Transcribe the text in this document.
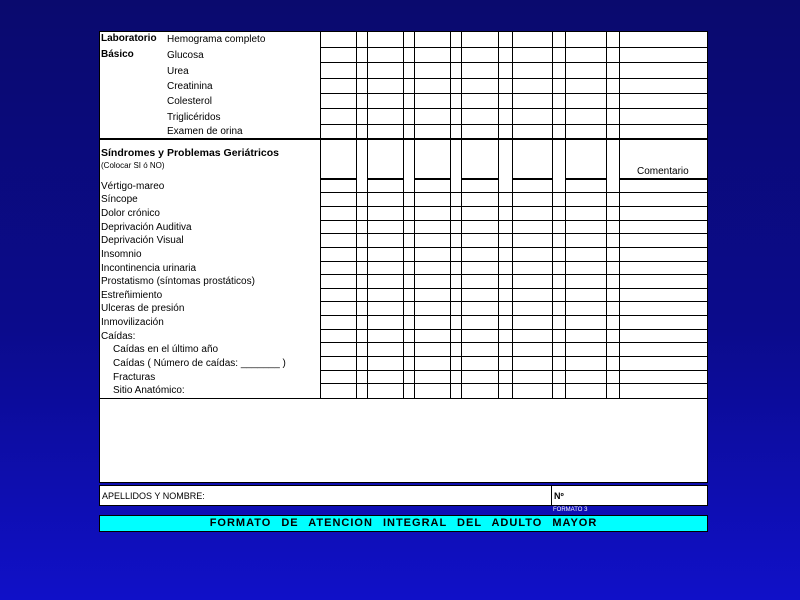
Laboratorio
Básico
Hemograma completo
Glucosa
Urea
Creatinina
Colesterol
Triglicéridos
Examen de orina
Síndromes y Problemas Geriátricos
(Colocar SI ó NO)
Comentario
Vértigo-mareo
Síncope
Dolor crónico
Deprivación Auditiva
Deprivación Visual
Insomnio
Incontinencia urinaria
Prostatismo (síntomas prostáticos)
Estreñimiento
Ulceras de presión
Inmovilización
Caídas:
Caídas en el último año
Caídas ( Número de caídas: _______ )
Fracturas
Sitio Anatómico:
APELLIDOS Y NOMBRE:	Nº
FORMATO 3
FORMATO DE ATENCION INTEGRAL DEL ADULTO MAYOR
